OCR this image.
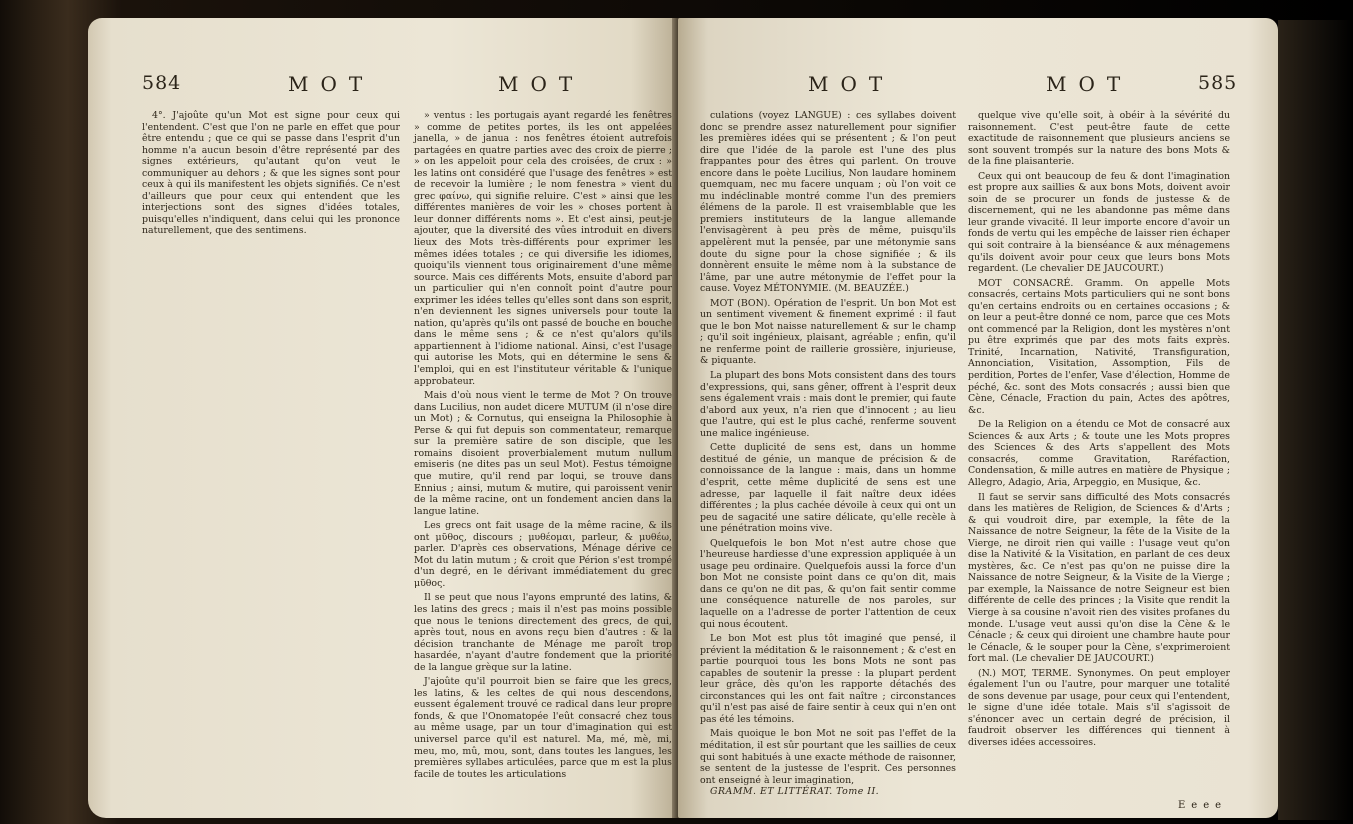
584	MOT	MOT

4°. J'ajoûte qu'un Mot est signe pour ceux qui l'entendent. C'est que l'on ne parle en effet que pour être entendu ; que ce qui se passe dans l'esprit d'un homme n'a aucun besoin d'être représenté par des signes extérieurs, qu'autant qu'on veut le communiquer au dehors ; & que les signes sont pour ceux à qui ils manifestent les objets signifiés. Ce n'est d'ailleurs que pour ceux qui entendent que les interjections sont des signes d'idées totales, puisqu'elles n'indiquent, dans celui qui les prononce naturellement, que des sentimens.

» ventus : les portugais ayant regardé les fenêtres » comme de petites portes, ils les ont appelées janella, » de janua : nos fenêtres étoient autrefois partagées en quatre parties avec des croix de pierre ; » on les appeloit pour cela des croisées, de crux : » les latins ont considéré que l'usage des fenêtres » est de recevoir la lumière ; le nom fenestra » vient du grec φαίνω, qui signifie reluire. C'est » ainsi que les différentes manières de voir les » choses portent à leur donner différents noms ». Et c'est ainsi, peut-je ajouter, que la diversité des vûes introduit en divers lieux des Mots très-différents pour exprimer les mêmes idées totales ; ce qui diversifie les idiomes, quoiqu'ils viennent tous originairement d'une même source. Mais ces différents Mots, ensuite d'abord par un particulier qui n'en connoît point d'autre pour exprimer les idées telles qu'elles sont dans son esprit, n'en deviennent les signes universels pour toute la nation, qu'après qu'ils ont passé de bouche en bouche dans le même sens ; & ce n'est qu'alors qu'ils appartiennent à l'idiome national. Ainsi, c'est l'usage qui autorise les Mots, qui en détermine le sens & l'emploi, qui en est l'instituteur véritable & l'unique approbateur.

Mais d'où nous vient le terme de Mot ? On trouve dans Lucilius, non audet dicere MUTUM (il n'ose dire un Mot) ; & Cornutus, qui enseigna la Philosophie à Perse & qui fut depuis son commentateur, remarque sur la première satire de son disciple, que les romains disoient proverbialement mutum nullum emiseris (ne dites pas un seul Mot). Festus témoigne que mutire, qu'il rend par loqui, se trouve dans Ennius ; ainsi, mutum & mutire, qui paroissent venir de la même racine, ont un fondement ancien dans la langue latine.

Les grecs ont fait usage de la même racine, & ils ont μῦθος, discours ; μυθέομαι, parleur, & μυθέω, parler. D'après ces observations, Ménage dérive ce Mot du latin mutum ; & croit que Périon s'est trompé d'un degré, en le dérivant immédiatement du grec μῦθος.

Il se peut que nous l'ayons emprunté des latins, & les latins des grecs ; mais il n'est pas moins possible que nous le tenions directement des grecs, de qui, après tout, nous en avons reçu bien d'autres : & la décision tranchante de Ménage me paroît trop hasardée, n'ayant d'autre fondement que la priorité de la langue grèque sur la latine.

J'ajoûte qu'il pourroit bien se faire que les grecs, les latins, & les celtes de qui nous descendons, eussent également trouvé ce radical dans leur propre fonds, & que l'Onomatopée l'eût consacré chez tous au même usage, par un tour d'imagination qui est universel parce qu'il est naturel. Ma, mé, mè, mi, meu, mo, mû, mou, sont, dans toutes les langues, les premières syllabes articulées, parce que m est la plus facile de toutes les articulations

MOT	MOT	585

culations (voyez LANGUE) : ces syllabes doivent donc se prendre assez naturellement pour signifier les premières idées qui se présentent ; & l'on peut dire que l'idée de la parole est l'une des plus frappantes pour des êtres qui parlent. On trouve encore dans le poète Lucilius, Non laudare hominem quemquam, nec mu facere unquam ; où l'on voit ce mu indéclinable montré comme l'un des premiers élémens de la parole. Il est vraisemblable que les premiers instituteurs de la langue allemande l'envisagèrent à peu près de même, puisqu'ils appelèrent mut la pensée, par une métonymie sans doute du signe pour la chose signifiée ; & ils donnèrent ensuite le même nom à la substance de l'âme, par une autre métonymie de l'effet pour la cause. Voyez MÉTONYMIE. (M. BEAUZÉE.)

MOT (BON). Opération de l'esprit. Un bon Mot est un sentiment vivement & finement exprimé : il faut que le bon Mot naisse naturellement & sur le champ ; qu'il soit ingénieux, plaisant, agréable ; enfin, qu'il ne renferme point de raillerie grossière, injurieuse, & piquante.

La plupart des bons Mots consistent dans des tours d'expressions, qui, sans gêner, offrent à l'esprit deux sens également vrais : mais dont le premier, qui faute d'abord aux yeux, n'a rien que d'innocent ; au lieu que l'autre, qui est le plus caché, renferme souvent une malice ingénieuse.

Cette duplicité de sens est, dans un homme destitué de génie, un manque de précision & de connoissance de la langue : mais, dans un homme d'esprit, cette même duplicité de sens est une adresse, par laquelle il fait naître deux idées différentes ; la plus cachée dévoile à ceux qui ont un peu de sagacité une satire délicate, qu'elle recèle à une pénétration moins vive.

Quelquefois le bon Mot n'est autre chose que l'heureuse hardiesse d'une expression appliquée à un usage peu ordinaire. Quelquefois aussi la force d'un bon Mot ne consiste point dans ce qu'on dit, mais dans ce qu'on ne dit pas, & qu'on fait sentir comme une conséquence naturelle de nos paroles, sur laquelle on a l'adresse de porter l'attention de ceux qui nous écoutent.

Le bon Mot est plus tôt imaginé que pensé, il prévient la méditation & le raisonnement ; & c'est en partie pourquoi tous les bons Mots ne sont pas capables de soutenir la presse : la plupart perdent leur grâce, dès qu'on les rapporte détachés des circonstances qui les ont fait naître ; circonstances qu'il n'est pas aisé de faire sentir à ceux qui n'en ont pas été les témoins.

Mais quoique le bon Mot ne soit pas l'effet de la méditation, il est sûr pourtant que les saillies de ceux qui sont habitués à une exacte méthode de raisonner, se sentent de la justesse de l'esprit. Ces personnes ont enseigné à leur imagination,

GRAMM. ET LITTÉRAT. Tome II.

quelque vive qu'elle soit, à obéir à la sévérité du raisonnement. C'est peut-être faute de cette exactitude de raisonnement que plusieurs anciens se sont souvent trompés sur la nature des bons Mots & de la fine plaisanterie.

Ceux qui ont beaucoup de feu & dont l'imagination est propre aux saillies & aux bons Mots, doivent avoir soin de se procurer un fonds de justesse & de discernement, qui ne les abandonne pas même dans leur grande vivacité. Il leur importe encore d'avoir un fonds de vertu qui les empêche de laisser rien échaper qui soit contraire à la bienséance & aux ménagemens qu'ils doivent avoir pour ceux que leurs bons Mots regardent. (Le chevalier DE JAUCOURT.)

MOT CONSACRÉ. Gramm. On appelle Mots consacrés, certains Mots particuliers qui ne sont bons qu'en certains endroits ou en certaines occasions ; & on leur a peut-être donné ce nom, parce que ces Mots ont commencé par la Religion, dont les mystères n'ont pu être exprimés que par des mots faits exprès. Trinité, Incarnation, Nativité, Transfiguration, Annonciation, Visitation, Assomption, Fils de perdition, Portes de l'enfer, Vase d'élection, Homme de péché, &c. sont des Mots consacrés ; aussi bien que Cène, Cénacle, Fraction du pain, Actes des apôtres, &c.

De la Religion on a étendu ce Mot de consacré aux Sciences & aux Arts ; & toute une les Mots propres des Sciences & des Arts s'appellent des Mots consacrés, comme Gravitation, Raréfaction, Condensation, & mille autres en matière de Physique ; Allegro, Adagio, Aria, Arpeggio, en Musique, &c.

Il faut se servir sans difficulté des Mots consacrés dans les matières de Religion, de Sciences & d'Arts ; & qui voudroit dire, par exemple, la fête de la Naissance de notre Seigneur, la fête de la Visite de la Vierge, ne diroit rien qui vaille : l'usage veut qu'on dise la Nativité & la Visitation, en parlant de ces deux mystères, &c. Ce n'est pas qu'on ne puisse dire la Naissance de notre Seigneur, & la Visite de la Vierge ; par exemple, la Naissance de notre Seigneur est bien différente de celle des princes ; la Visite que rendit la Vierge à sa cousine n'avoit rien des visites profanes du monde. L'usage veut aussi qu'on dise la Cène & le Cénacle ; & ceux qui diroient une chambre haute pour le Cénacle, & le souper pour la Cène, s'exprimeroient fort mal. (Le chevalier DE JAUCOURT.)

(N.) MOT, TERME. Synonymes. On peut employer également l'un ou l'autre, pour marquer une totalité de sons devenue par usage, pour ceux qui l'entendent, le signe d'une idée totale. Mais s'il s'agissoit de s'énoncer avec un certain degré de précision, il faudroit observer les différences qui tiennent à diverses idées accessoires.

Eeee
